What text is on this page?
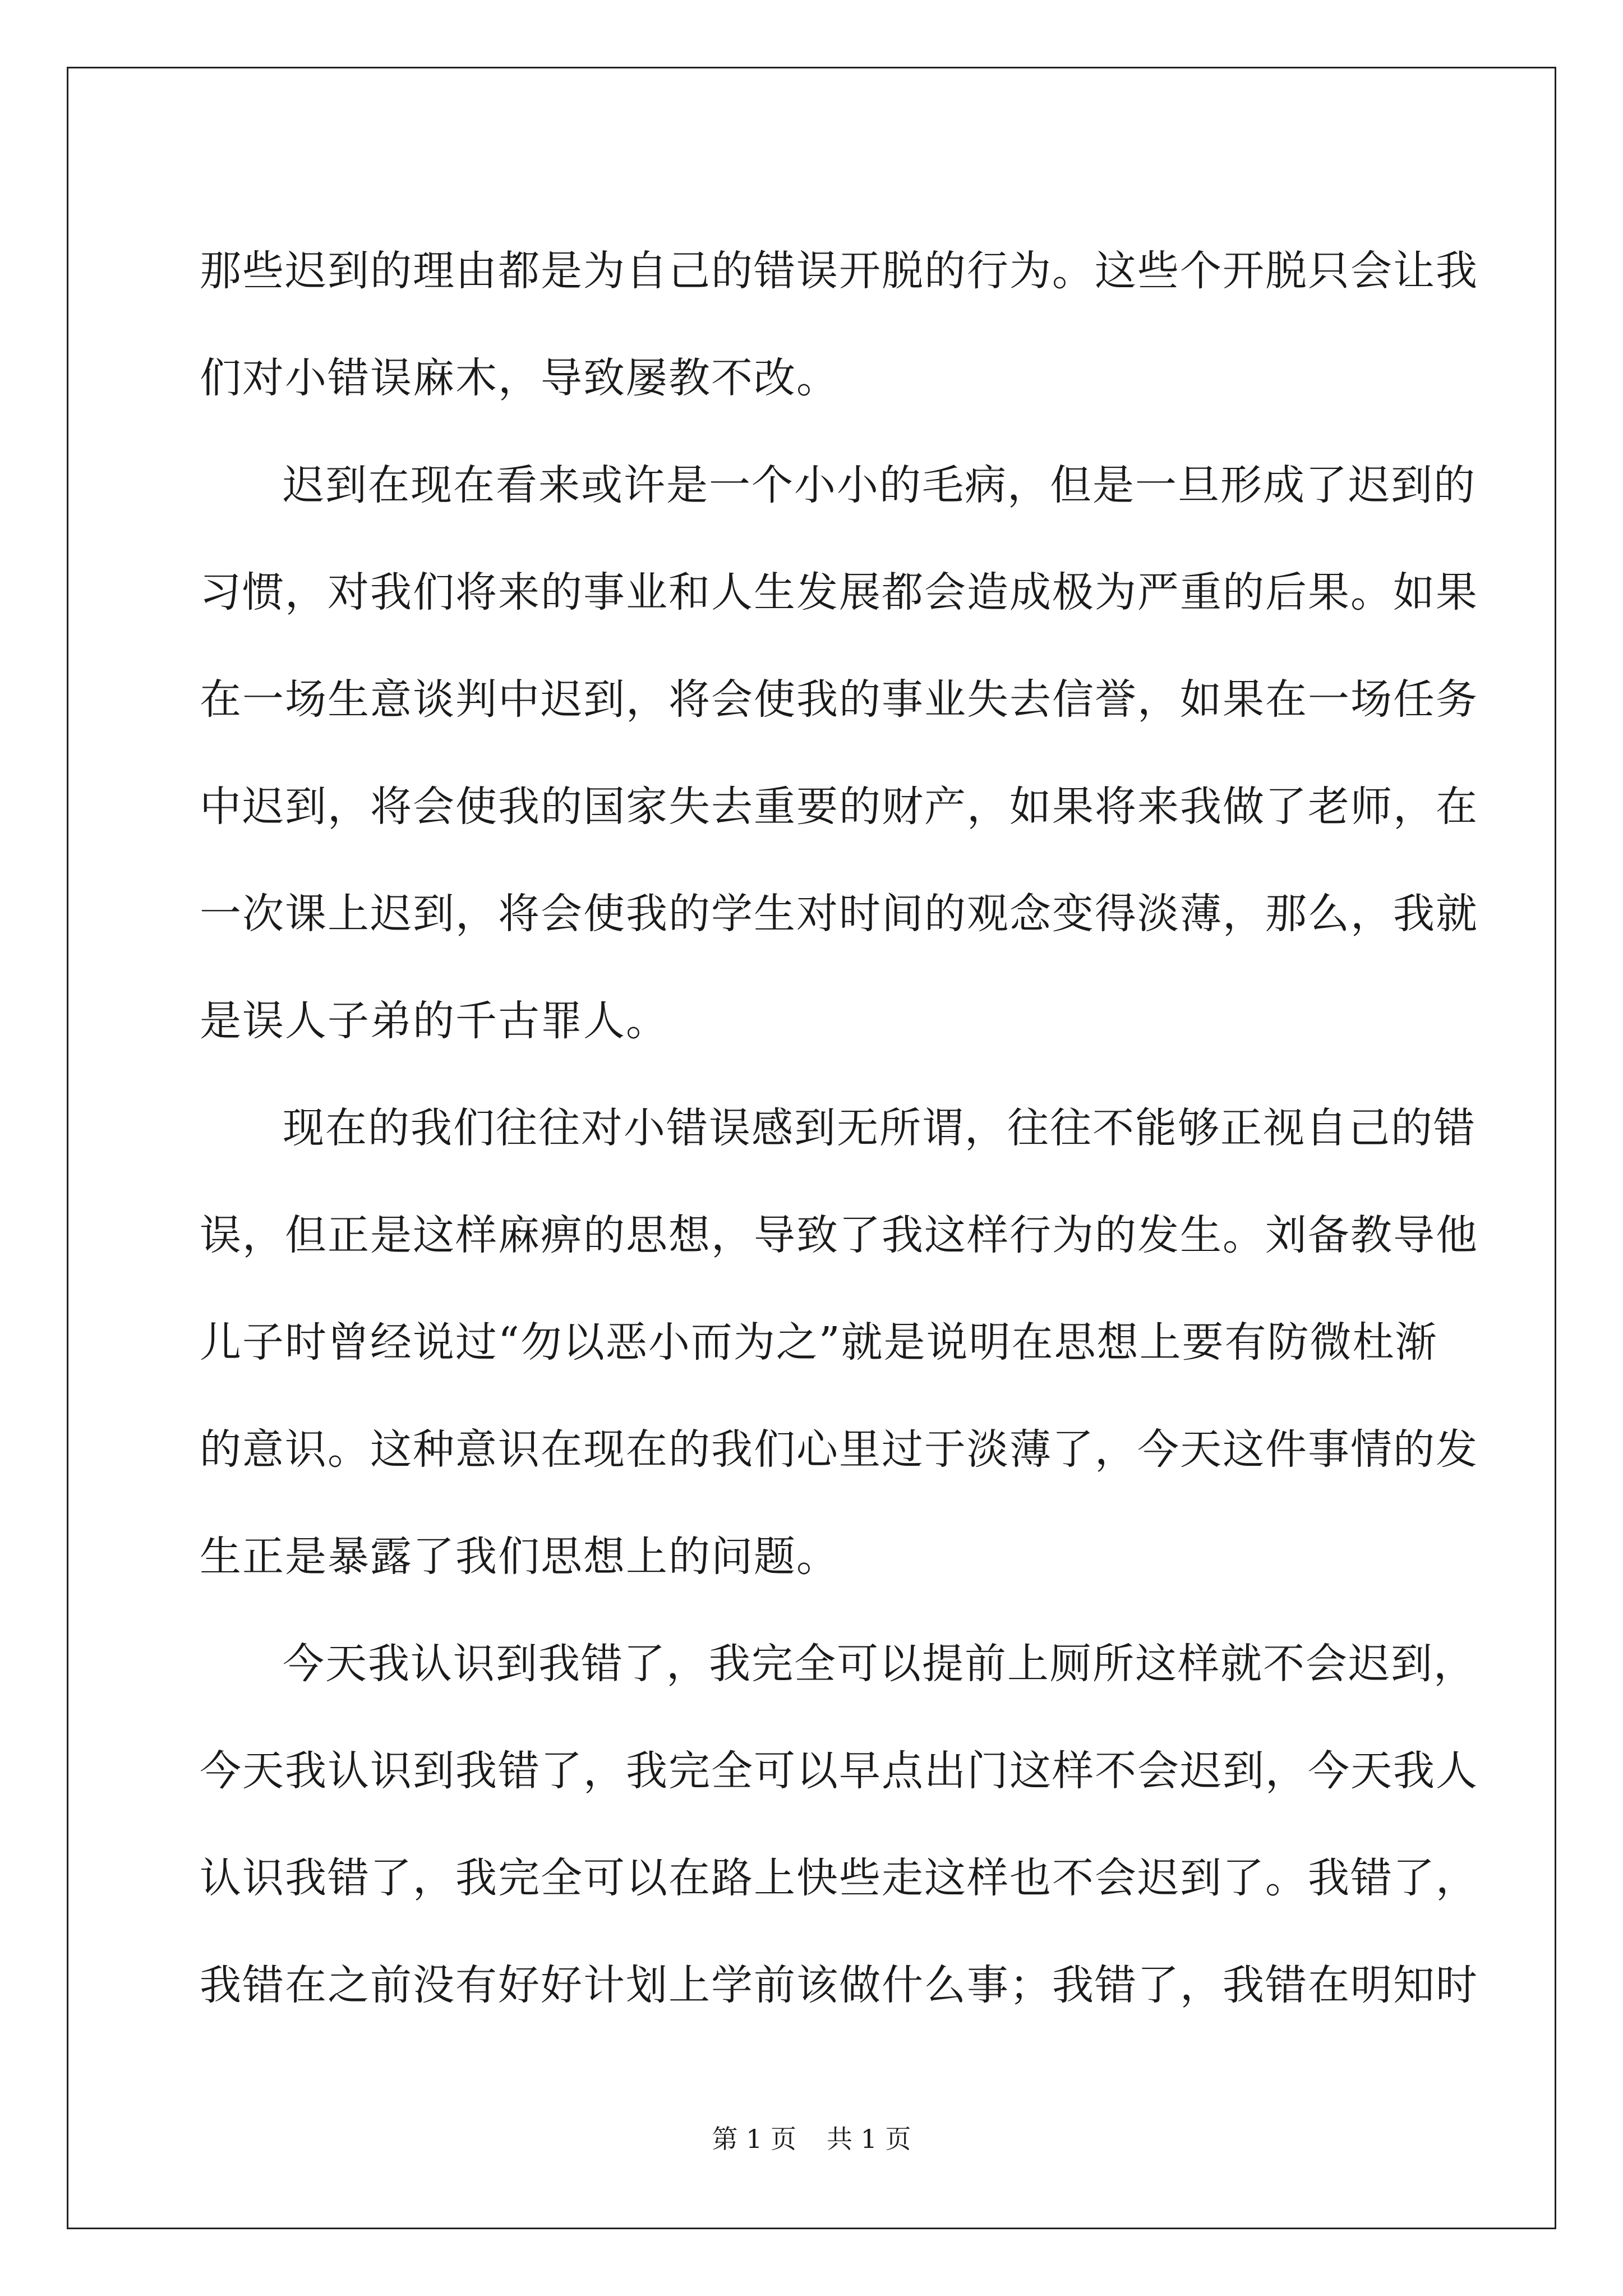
那些迟到的理由都是为自己的错误开脱的行为。这些个开脱只会让我
们对小错误麻木，导致屡教不改。
迟到在现在看来或许是一个小小的毛病，但是一旦形成了迟到的
习惯，对我们将来的事业和人生发展都会造成极为严重的后果。如果
在一场生意谈判中迟到，将会使我的事业失去信誉，如果在一场任务
中迟到，将会使我的国家失去重要的财产，如果将来我做了老师，在
一次课上迟到，将会使我的学生对时间的观念变得淡薄，那么，我就
是误人子弟的千古罪人。
现在的我们往往对小错误感到无所谓，往往不能够正视自己的错
误，但正是这样麻痹的思想，导致了我这样行为的发生。刘备教导他
儿子时曾经说过“勿以恶小而为之”就是说明在思想上要有防微杜渐
的意识。这种意识在现在的我们心里过于淡薄了，今天这件事情的发
生正是暴露了我们思想上的问题。
今天我认识到我错了，我完全可以提前上厕所这样就不会迟到，
今天我认识到我错了，我完全可以早点出门这样不会迟到，今天我人
认识我错了，我完全可以在路上快些走这样也不会迟到了。我错了，
我错在之前没有好好计划上学前该做什么事；我错了，我错在明知时
第 1 页 共 1 页
